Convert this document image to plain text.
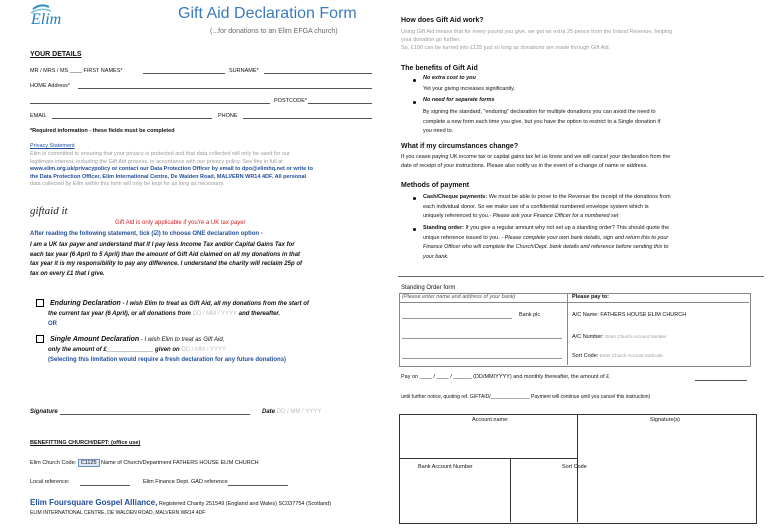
Elim	Gift Aid Declaration Form
(...for donations to an Elim EFGA church)
YOUR DETAILS
MR / MRS / MS ____ FIRST NAMES*	SURNAME*
HOME Address*
POSTCODE*
EMAIL	PHONE
*Required information - these fields must be completed
Privacy Statement
Elim is committed to ensuring that your privacy is protected and that data collected will only be used for our
legitimate interest, including the Gift Aid process, in accordance with our privacy policy. See this in full at
www.elim.org.uk/privacypolicy or contact our Data Protection Officer by email to dpo@elimhq.net or write to
the Data Protection Officer, Elim International Centre, De Walden Road, MALVERN WR14 4DF. All personal
data collected by Elim within this form will only be kept for as long as necessary.
giftaid it
Gift Aid is only applicable if you're a UK tax payer
After reading the following statement, tick (☑) to choose ONE declaration option -
I am a UK tax payer and understand that if I pay less Income Tax and/or Capital Gains Tax for
each tax year (6 April to 5 April) than the amount of Gift Aid claimed on all my donations in that
tax year it is my responsibility to pay any difference. I understand the charity will reclaim 25p of
tax on every £1 that I give.
Enduring Declaration - I wish Elim to treat as Gift Aid, all my donations from the start of
the current tax year (6 April), or all donations from DD / MM / YYYY and thereafter.
OR
Single Amount Declaration - I wish Elim to treat as Gift Aid,
only the amount of £______________ given on DD / MM / YYYY
(Selecting this limitation would require a fresh declaration for any future donations)
Signature	Date DD / MM / YYYY
BENEFITTING CHURCH/DEPT: (office use)
Elim Church Code: C1125 Name of Church/Department FATHERS HOUSE ELIM CHURCH
Local reference:	Elim Finance Dept. GAD reference
Elim Foursquare Gospel Alliance, Registered Charity 251549 (England and Wales) SC037754 (Scotland)
ELIM INTERNATIONAL CENTRE, DE WALDEN ROAD, MALVERN WR14 4DF
How does Gift Aid work?
Using Gift Aid means that for every pound you give, we get an extra 25 pence from the Inland Revenue, helping
your donation go further.
So, £100 can be turned into £125 just so long as donations are made through Gift Aid.
The benefits of Gift Aid
No extra cost to you
Yet your giving increases significantly.
No need for separate forms
By signing the standard, "enduring" declaration for multiple donations you can avoid the need to
complete a new form each time you give, but you have the option to restrict to a Single donation if
you need to.
What if my circumstances change?
If you cease paying UK income tax or capital gains tax let us know and we will cancel your declaration from the
date of receipt of your instructions. Please also notify us in the event of a change of name or address.
Methods of payment
Cash/Cheque payments: We must be able to prove to the Revenue the receipt of the donations from
each individual donor. So we make use of a confidential numbered envelope system which is
uniquely referenced to you.- Please ask your Finance Officer for a numbered set
Standing order: If you give a regular amount why not set up a standing order? This should quote the
unique reference issued to you. - Please complete your own bank details, sign and return this to your
Finance Officer who will complete the Church/Dept. bank details and reference before sending this to
your bank.
Standing Order form
(Please enter name and address of your bank)	Please pay to:
Bank plc	A/C Name: FATHERS HOUSE ELIM CHURCH
A/C Number: Enter Church Account Number
Sort Code: Enter Church Account Sortcode
Pay on ____ / ____ / ______ (DD/MM/YYYY) and monthly thereafter, the amount of £
until further notice, quoting ref. GIFTAID/______________ Payment will continue until you cancel this instruction)
Account name:	Signature(s)
Bank Account Number	Sort Code
